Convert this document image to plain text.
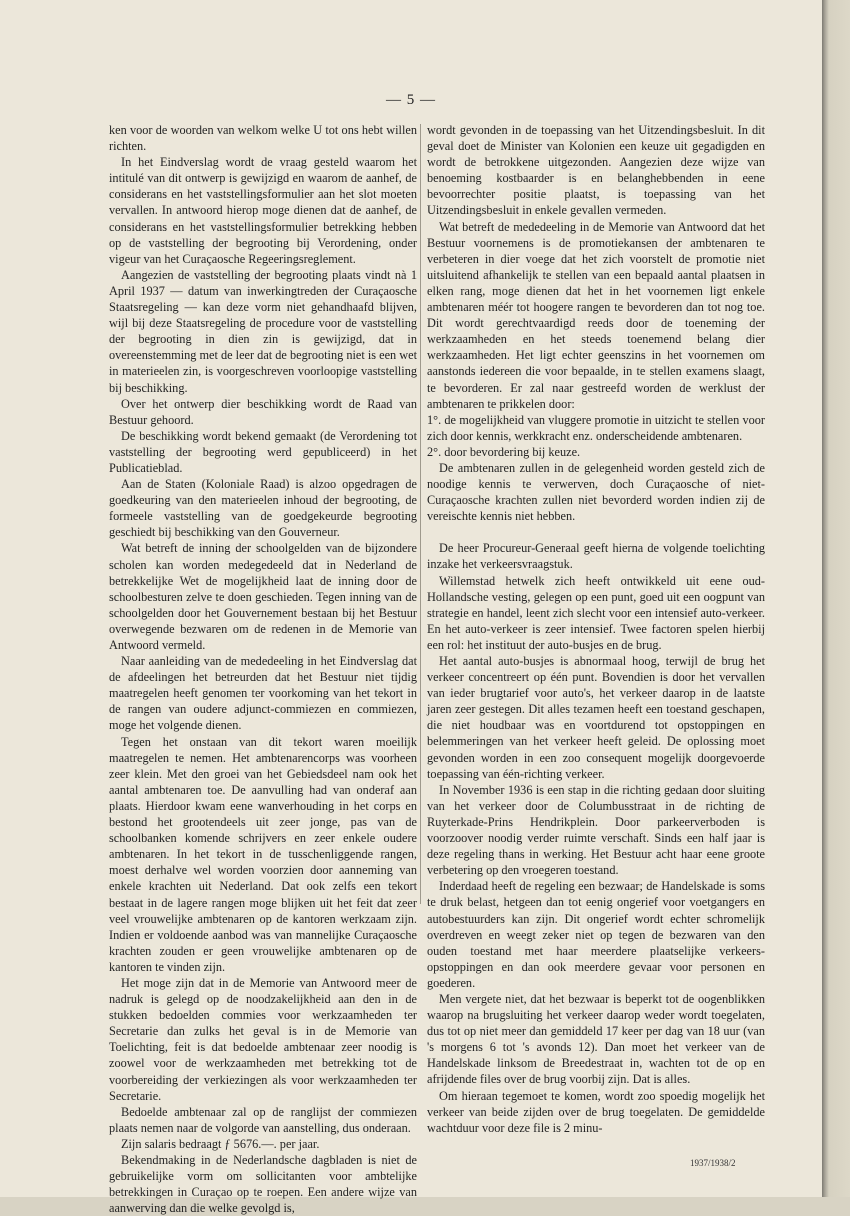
— 5 —

ken voor de woorden van welkom welke U tot ons hebt willen richten.

In het Eindverslag wordt de vraag gesteld waarom het intitulé van dit ontwerp is gewijzigd en waarom de aanhef, de considerans en het vaststellingsformulier aan het slot moeten vervallen. In antwoord hierop moge dienen dat de aanhef, de considerans en het vaststellingsformulier betrekking hebben op de vaststelling der begrooting bij Verordening, onder vigeur van het Curaçaosche Regeeringsreglement.

Aangezien de vaststelling der begrooting plaats vindt nà 1 April 1937 — datum van inwerkingtreden der Curaçaosche Staatsregeling — kan deze vorm niet gehandhaafd blijven, wijl bij deze Staatsregeling de procedure voor de vaststelling der begrooting in dien zin is gewijzigd, dat in overeenstemming met de leer dat de begrooting niet is een wet in materieelen zin, is voorgeschreven voorloopige vaststelling bij beschikking.

Over het ontwerp dier beschikking wordt de Raad van Bestuur gehoord.

De beschikking wordt bekend gemaakt (de Verordening tot vaststelling der begrooting werd gepubliceerd) in het Publicatieblad.

Aan de Staten (Koloniale Raad) is alzoo opgedragen de goedkeuring van den materieelen inhoud der begrooting, de formeele vaststelling van de goedgekeurde begrooting geschiedt bij beschikking van den Gouverneur.

Wat betreft de inning der schoolgelden van de bijzondere scholen kan worden medegedeeld dat in Nederland de betrekkelijke Wet de mogelijkheid laat de inning door de schoolbesturen zelve te doen geschieden. Tegen inning van de schoolgelden door het Gouvernement bestaan bij het Bestuur overwegende bezwaren om de redenen in de Memorie van Antwoord vermeld.

Naar aanleiding van de mededeeling in het Eindverslag dat de afdeelingen het betreurden dat het Bestuur niet tijdig maatregelen heeft genomen ter voorkoming van het tekort in de rangen van oudere adjunct-commiezen en commiezen, moge het volgende dienen.

Tegen het onstaan van dit tekort waren moeilijk maatregelen te nemen. Het ambtenarencorps was voorheen zeer klein. Met den groei van het Gebiedsdeel nam ook het aantal ambtenaren toe. De aanvulling had van onderaf aan plaats. Hierdoor kwam eene wanverhouding in het corps en bestond het grootendeels uit zeer jonge, pas van de schoolbanken komende schrijvers en zeer enkele oudere ambtenaren. In het tekort in de tusschenliggende rangen, moest derhalve wel worden voorzien door aanneming van enkele krachten uit Nederland. Dat ook zelfs een tekort bestaat in de lagere rangen moge blijken uit het feit dat zeer veel vrouwelijke ambtenaren op de kantoren werkzaam zijn. Indien er voldoende aanbod was van mannelijke Curaçaosche krachten zouden er geen vrouwelijke ambtenaren op de kantoren te vinden zijn.

Het moge zijn dat in de Memorie van Antwoord meer de nadruk is gelegd op de noodzakelijkheid aan den in de stukken bedoelden commies voor werkzaamheden ter Secretarie dan zulks het geval is in de Memorie van Toelichting, feit is dat bedoelde ambtenaar zeer noodig is zoowel voor de werkzaamheden met betrekking tot de voorbereiding der verkiezingen als voor werkzaamheden ter Secretarie.

Bedoelde ambtenaar zal op de ranglijst der commiezen plaats nemen naar de volgorde van aanstelling, dus onderaan.

Zijn salaris bedraagt ƒ 5676.—. per jaar.

Bekendmaking in de Nederlandsche dagbladen is niet de gebruikelijke vorm om sollicitanten voor ambtelijke betrekkingen in Curaçao op te roepen. Een andere wijze van aanwerving dan die welke gevolgd is,

wordt gevonden in de toepassing van het Uitzendingsbesluit. In dit geval doet de Minister van Kolonien een keuze uit gegadigden en wordt de betrokkene uitgezonden. Aangezien deze wijze van benoeming kostbaarder is en belanghebbenden in eene bevoorrechter positie plaatst, is toepassing van het Uitzendingsbesluit in enkele gevallen vermeden.

Wat betreft de mededeeling in de Memorie van Antwoord dat het Bestuur voornemens is de promotiekansen der ambtenaren te verbeteren in dier voege dat het zich voorstelt de promotie niet uitsluitend afhankelijk te stellen van een bepaald aantal plaatsen in elken rang, moge dienen dat het in het voornemen ligt enkele ambtenaren méér tot hoogere rangen te bevorderen dan tot nog toe. Dit wordt gerechtvaardigd reeds door de toeneming der werkzaamheden en het steeds toenemend belang dier werkzaamheden. Het ligt echter geenszins in het voornemen om aanstonds iedereen die voor bepaalde, in te stellen examens slaagt, te bevorderen. Er zal naar gestreefd worden de werklust der ambtenaren te prikkelen door:

1°. de mogelijkheid van vluggere promotie in uitzicht te stellen voor zich door kennis, werkkracht enz. onderscheidende ambtenaren.

2°. door bevordering bij keuze.

De ambtenaren zullen in de gelegenheid worden gesteld zich de noodige kennis te verwerven, doch Curaçaosche of niet-Curaçaosche krachten zullen niet bevorderd worden indien zij de vereischte kennis niet hebben.

De heer Procureur-Generaal geeft hierna de volgende toelichting inzake het verkeersvraagstuk.

Willemstad hetwelk zich heeft ontwikkeld uit eene oud-Hollandsche vesting, gelegen op een punt, goed uit een oogpunt van strategie en handel, leent zich slecht voor een intensief auto-verkeer. En het auto-verkeer is zeer intensief. Twee factoren spelen hierbij een rol: het instituut der auto-busjes en de brug.

Het aantal auto-busjes is abnormaal hoog, terwijl de brug het verkeer concentreert op één punt. Bovendien is door het vervallen van ieder brugtarief voor auto's, het verkeer daarop in de laatste jaren zeer gestegen. Dit alles tezamen heeft een toestand geschapen, die niet houdbaar was en voortdurend tot opstoppingen en belemmeringen van het verkeer heeft geleid. De oplossing moet gevonden worden in een zoo consequent mogelijk doorgevoerde toepassing van één-richting verkeer.

In November 1936 is een stap in die richting gedaan door sluiting van het verkeer door de Columbusstraat in de richting de Ruyterkade-Prins Hendrikplein. Door parkeerverboden is voorzoover noodig verder ruimte verschaft. Sinds een half jaar is deze regeling thans in werking. Het Bestuur acht haar eene groote verbetering op den vroegeren toestand.

Inderdaad heeft de regeling een bezwaar; de Handelskade is soms te druk belast, hetgeen dan tot eenig ongerief voor voetgangers en autobestuurders kan zijn. Dit ongerief wordt echter schromelijk overdreven en weegt zeker niet op tegen de bezwaren van den ouden toestand met haar meerdere plaatselijke verkeers-opstoppingen en dan ook meerdere gevaar voor personen en goederen.

Men vergete niet, dat het bezwaar is beperkt tot de oogenblikken waarop na brugsluiting het verkeer daarop weder wordt toegelaten, dus tot op niet meer dan gemiddeld 17 keer per dag van 18 uur (van 's morgens 6 tot 's avonds 12). Dan moet het verkeer van de Handelskade linksom de Breedestraat in, wachten tot de op en afrijdende files over de brug voorbij zijn. Dat is alles.

Om hieraan tegemoet te komen, wordt zoo spoedig mogelijk het verkeer van beide zijden over de brug toegelaten. De gemiddelde wachtduur voor deze file is 2 minu-

1937/1938/2
